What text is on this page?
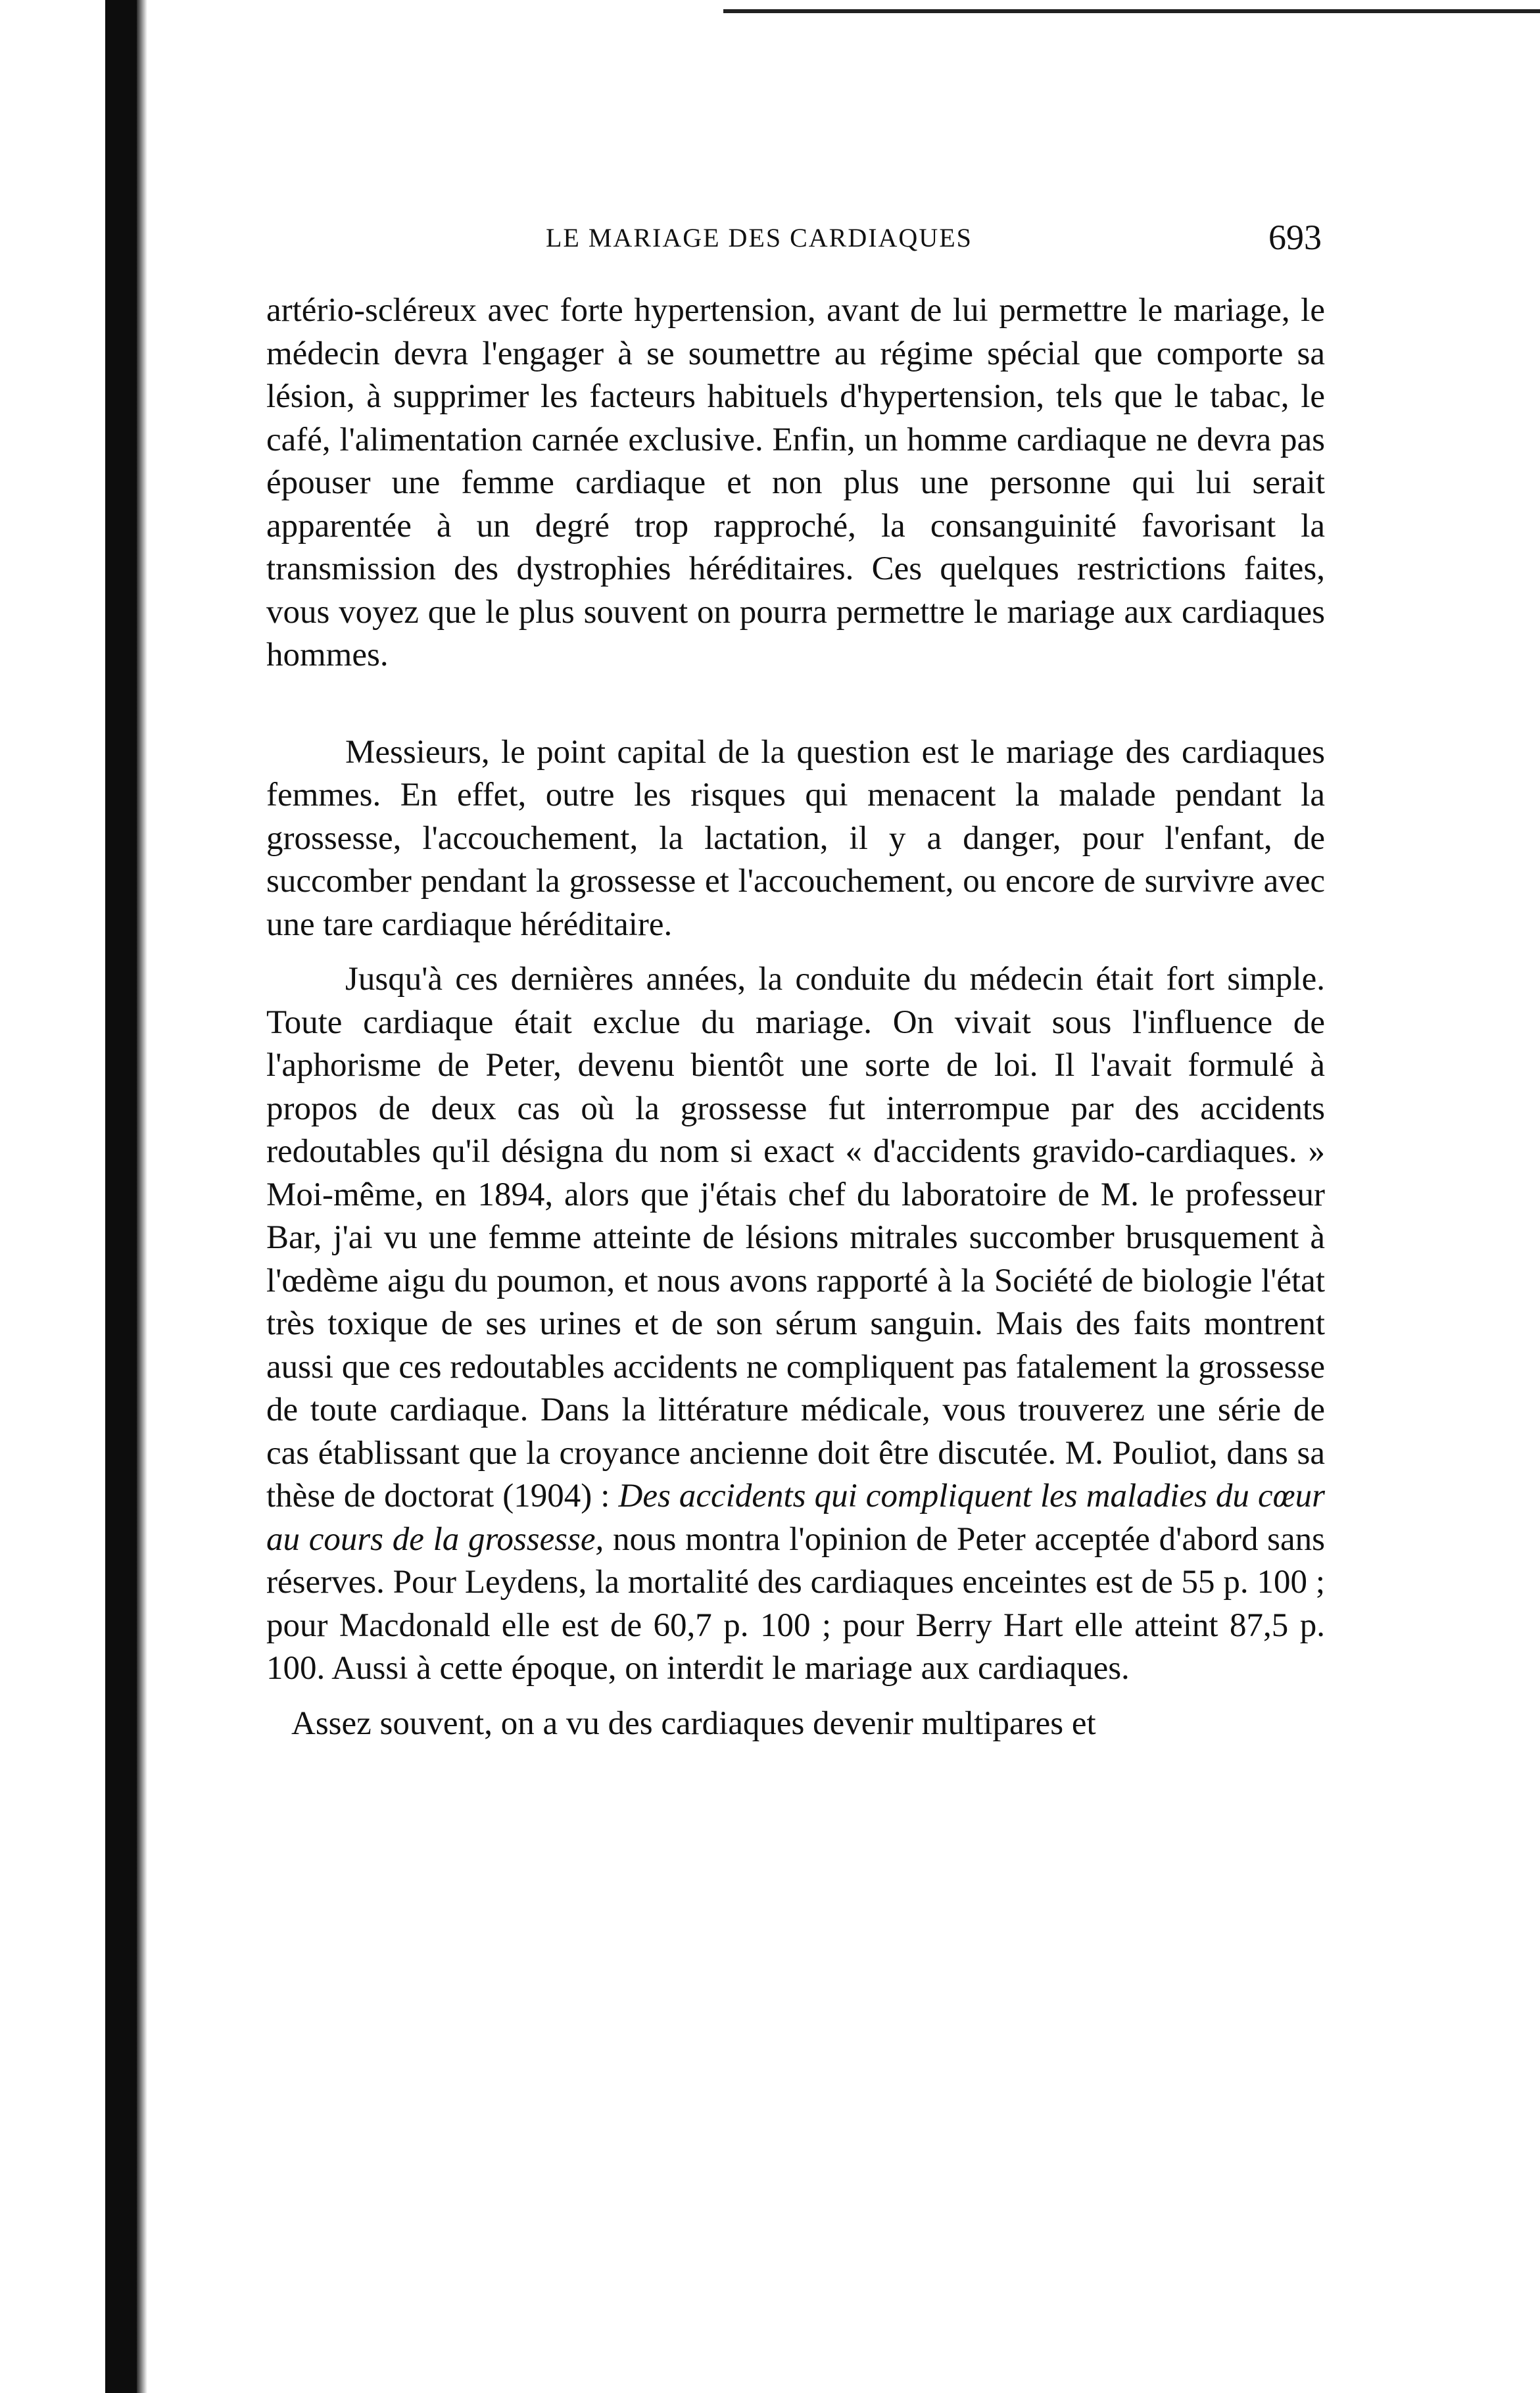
LE MARIAGE DES CARDIAQUES	693

artério-scléreux avec forte hypertension, avant de lui permettre le mariage, le médecin devra l'engager à se soumettre au régime spécial que comporte sa lésion, à supprimer les facteurs habituels d'hypertension, tels que le tabac, le café, l'alimentation carnée exclusive. Enfin, un homme cardiaque ne devra pas épouser une femme cardiaque et non plus une personne qui lui serait apparentée à un degré trop rapproché, la consanguinité favorisant la transmission des dystrophies héréditaires. Ces quelques restrictions faites, vous voyez que le plus souvent on pourra permettre le mariage aux cardiaques hommes.

Messieurs, le point capital de la question est le mariage des cardiaques femmes. En effet, outre les risques qui menacent la malade pendant la grossesse, l'accouchement, la lactation, il y a danger, pour l'enfant, de succomber pendant la grossesse et l'accouchement, ou encore de survivre avec une tare cardiaque héréditaire.

Jusqu'à ces dernières années, la conduite du médecin était fort simple. Toute cardiaque était exclue du mariage. On vivait sous l'influence de l'aphorisme de Peter, devenu bientôt une sorte de loi. Il l'avait formulé à propos de deux cas où la grossesse fut interrompue par des accidents redoutables qu'il désigna du nom si exact « d'accidents gravido-cardiaques. » Moi-même, en 1894, alors que j'étais chef du laboratoire de M. le professeur Bar, j'ai vu une femme atteinte de lésions mitrales succomber brusquement à l'œdème aigu du poumon, et nous avons rapporté à la Société de biologie l'état très toxique de ses urines et de son sérum sanguin. Mais des faits montrent aussi que ces redoutables accidents ne compliquent pas fatalement la grossesse de toute cardiaque. Dans la littérature médicale, vous trouverez une série de cas établissant que la croyance ancienne doit être discutée. M. Pouliot, dans sa thèse de doctorat (1904) : Des accidents qui compliquent les maladies du cœur au cours de la grossesse, nous montra l'opinion de Peter acceptée d'abord sans réserves. Pour Leydens, la mortalité des cardiaques enceintes est de 55 p. 100 ; pour Macdonald elle est de 60,7 p. 100 ; pour Berry Hart elle atteint 87,5 p. 100. Aussi à cette époque, on interdit le mariage aux cardiaques.

Assez souvent, on a vu des cardiaques devenir multipares et
